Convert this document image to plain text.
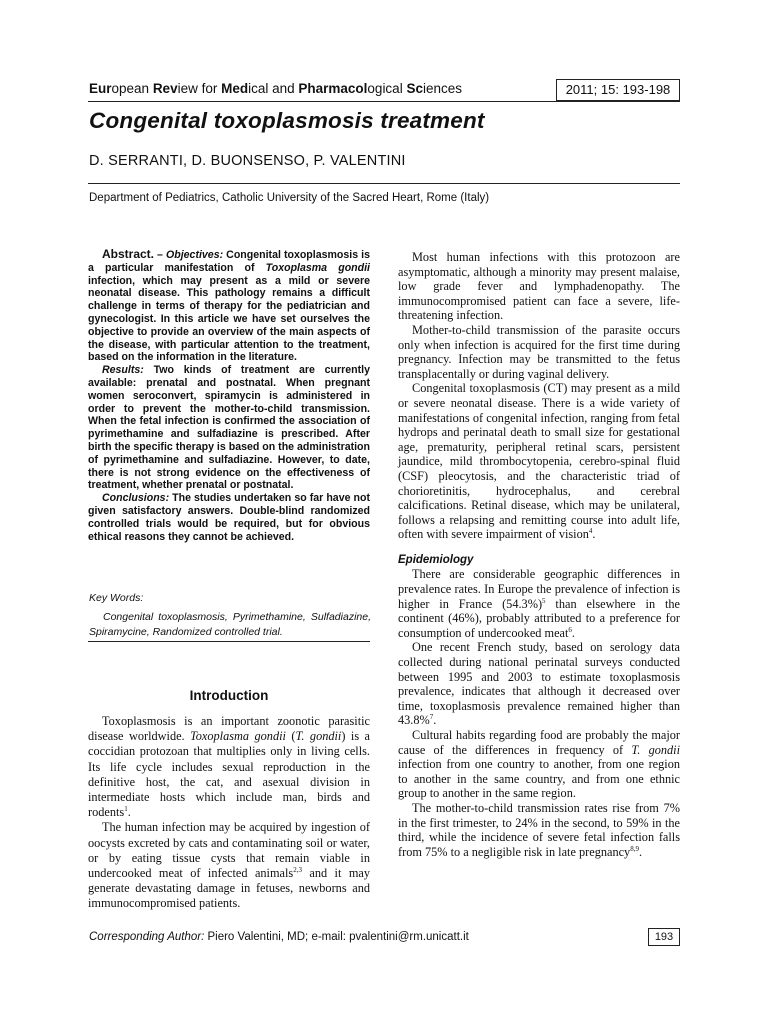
European Review for Medical and Pharmacological Sciences	2011; 15: 193-198
Congenital toxoplasmosis treatment
D. SERRANTI, D. BUONSENSO, P. VALENTINI
Department of Pediatrics, Catholic University of the Sacred Heart, Rome (Italy)

Abstract. – Objectives: Congenital toxoplasmosis is a particular manifestation of Toxoplasma gondii infection, which may present as a mild or severe neonatal disease. This pathology remains a difficult challenge in terms of therapy for the pediatrician and gynecologist. In this article we have set ourselves the objective to provide an overview of the main aspects of the disease, with particular attention to the treatment, based on the information in the literature.

Results: Two kinds of treatment are currently available: prenatal and postnatal. When pregnant women seroconvert, spiramycin is administered in order to prevent the mother-to-child transmission. When the fetal infection is confirmed the association of pyrimethamine and sulfadiazine is prescribed. After birth the specific therapy is based on the administration of pyrimethamine and sulfadiazine. However, to date, there is not strong evidence on the effectiveness of treatment, whether prenatal or postnatal.

Conclusions: The studies undertaken so far have not given satisfactory answers. Double-blind randomized controlled trials would be required, but for obvious ethical reasons they cannot be achieved.

Key Words:
Congenital toxoplasmosis, Pyrimethamine, Sulfadiazine, Spiramycine, Randomized controlled trial.
Introduction

Toxoplasmosis is an important zoonotic parasitic disease worldwide. Toxoplasma gondii (T. gondii) is a coccidian protozoan that multiplies only in living cells. Its life cycle includes sexual reproduction in the definitive host, the cat, and asexual division in intermediate hosts which include man, birds and rodents$^1$.

The human infection may be acquired by ingestion of oocysts excreted by cats and contaminating soil or water, or by eating tissue cysts that remain viable in undercooked meat of infected animals$^{2,3}$ and it may generate devastating damage in fetuses, newborns and immunocompromised patients.

Most human infections with this protozoon are asymptomatic, although a minority may present malaise, low grade fever and lymphadenopathy. The immunocompromised patient can face a severe, life-threatening infection.

Mother-to-child transmission of the parasite occurs only when infection is acquired for the first time during pregnancy. Infection may be transmitted to the fetus transplacentally or during vaginal delivery.

Congenital toxoplasmosis (CT) may present as a mild or severe neonatal disease. There is a wide variety of manifestations of congenital infection, ranging from fetal hydrops and perinatal death to small size for gestational age, prematurity, peripheral retinal scars, persistent jaundice, mild thrombocytopenia, cerebro-spinal fluid (CSF) pleocytosis, and the characteristic triad of chorioretinitis, hydrocephalus, and cerebral calcifications. Retinal disease, which may be unilateral, follows a relapsing and remitting course into adult life, often with severe impairment of vision$^4$.

Epidemiology

There are considerable geographic differences in prevalence rates. In Europe the prevalence of infection is higher in France $(54.3\%)^5$ than elsewhere in the continent (46%), probably attributed to a preference for consumption of undercooked meat$^6$.

One recent French study, based on serology data collected during national perinatal surveys conducted between 1995 and 2003 to estimate toxoplasmosis prevalence, indicates that although it decreased over time, toxoplasmosis prevalence remained higher than 43.8%$^7$.

Cultural habits regarding food are probably the major cause of the differences in frequency of T. gondii infection from one country to another, from one region to another in the same country, and from one ethnic group to another in the same region.

The mother-to-child transmission rates rise from 7% in the first trimester, to 24% in the second, to 59% in the third, while the incidence of severe fetal infection falls from 75% to a negligible risk in late pregnancy$^{8,9}$.

Corresponding Author: Piero Valentini, MD; e-mail: pvalentini@rm.unicatt.it	193
